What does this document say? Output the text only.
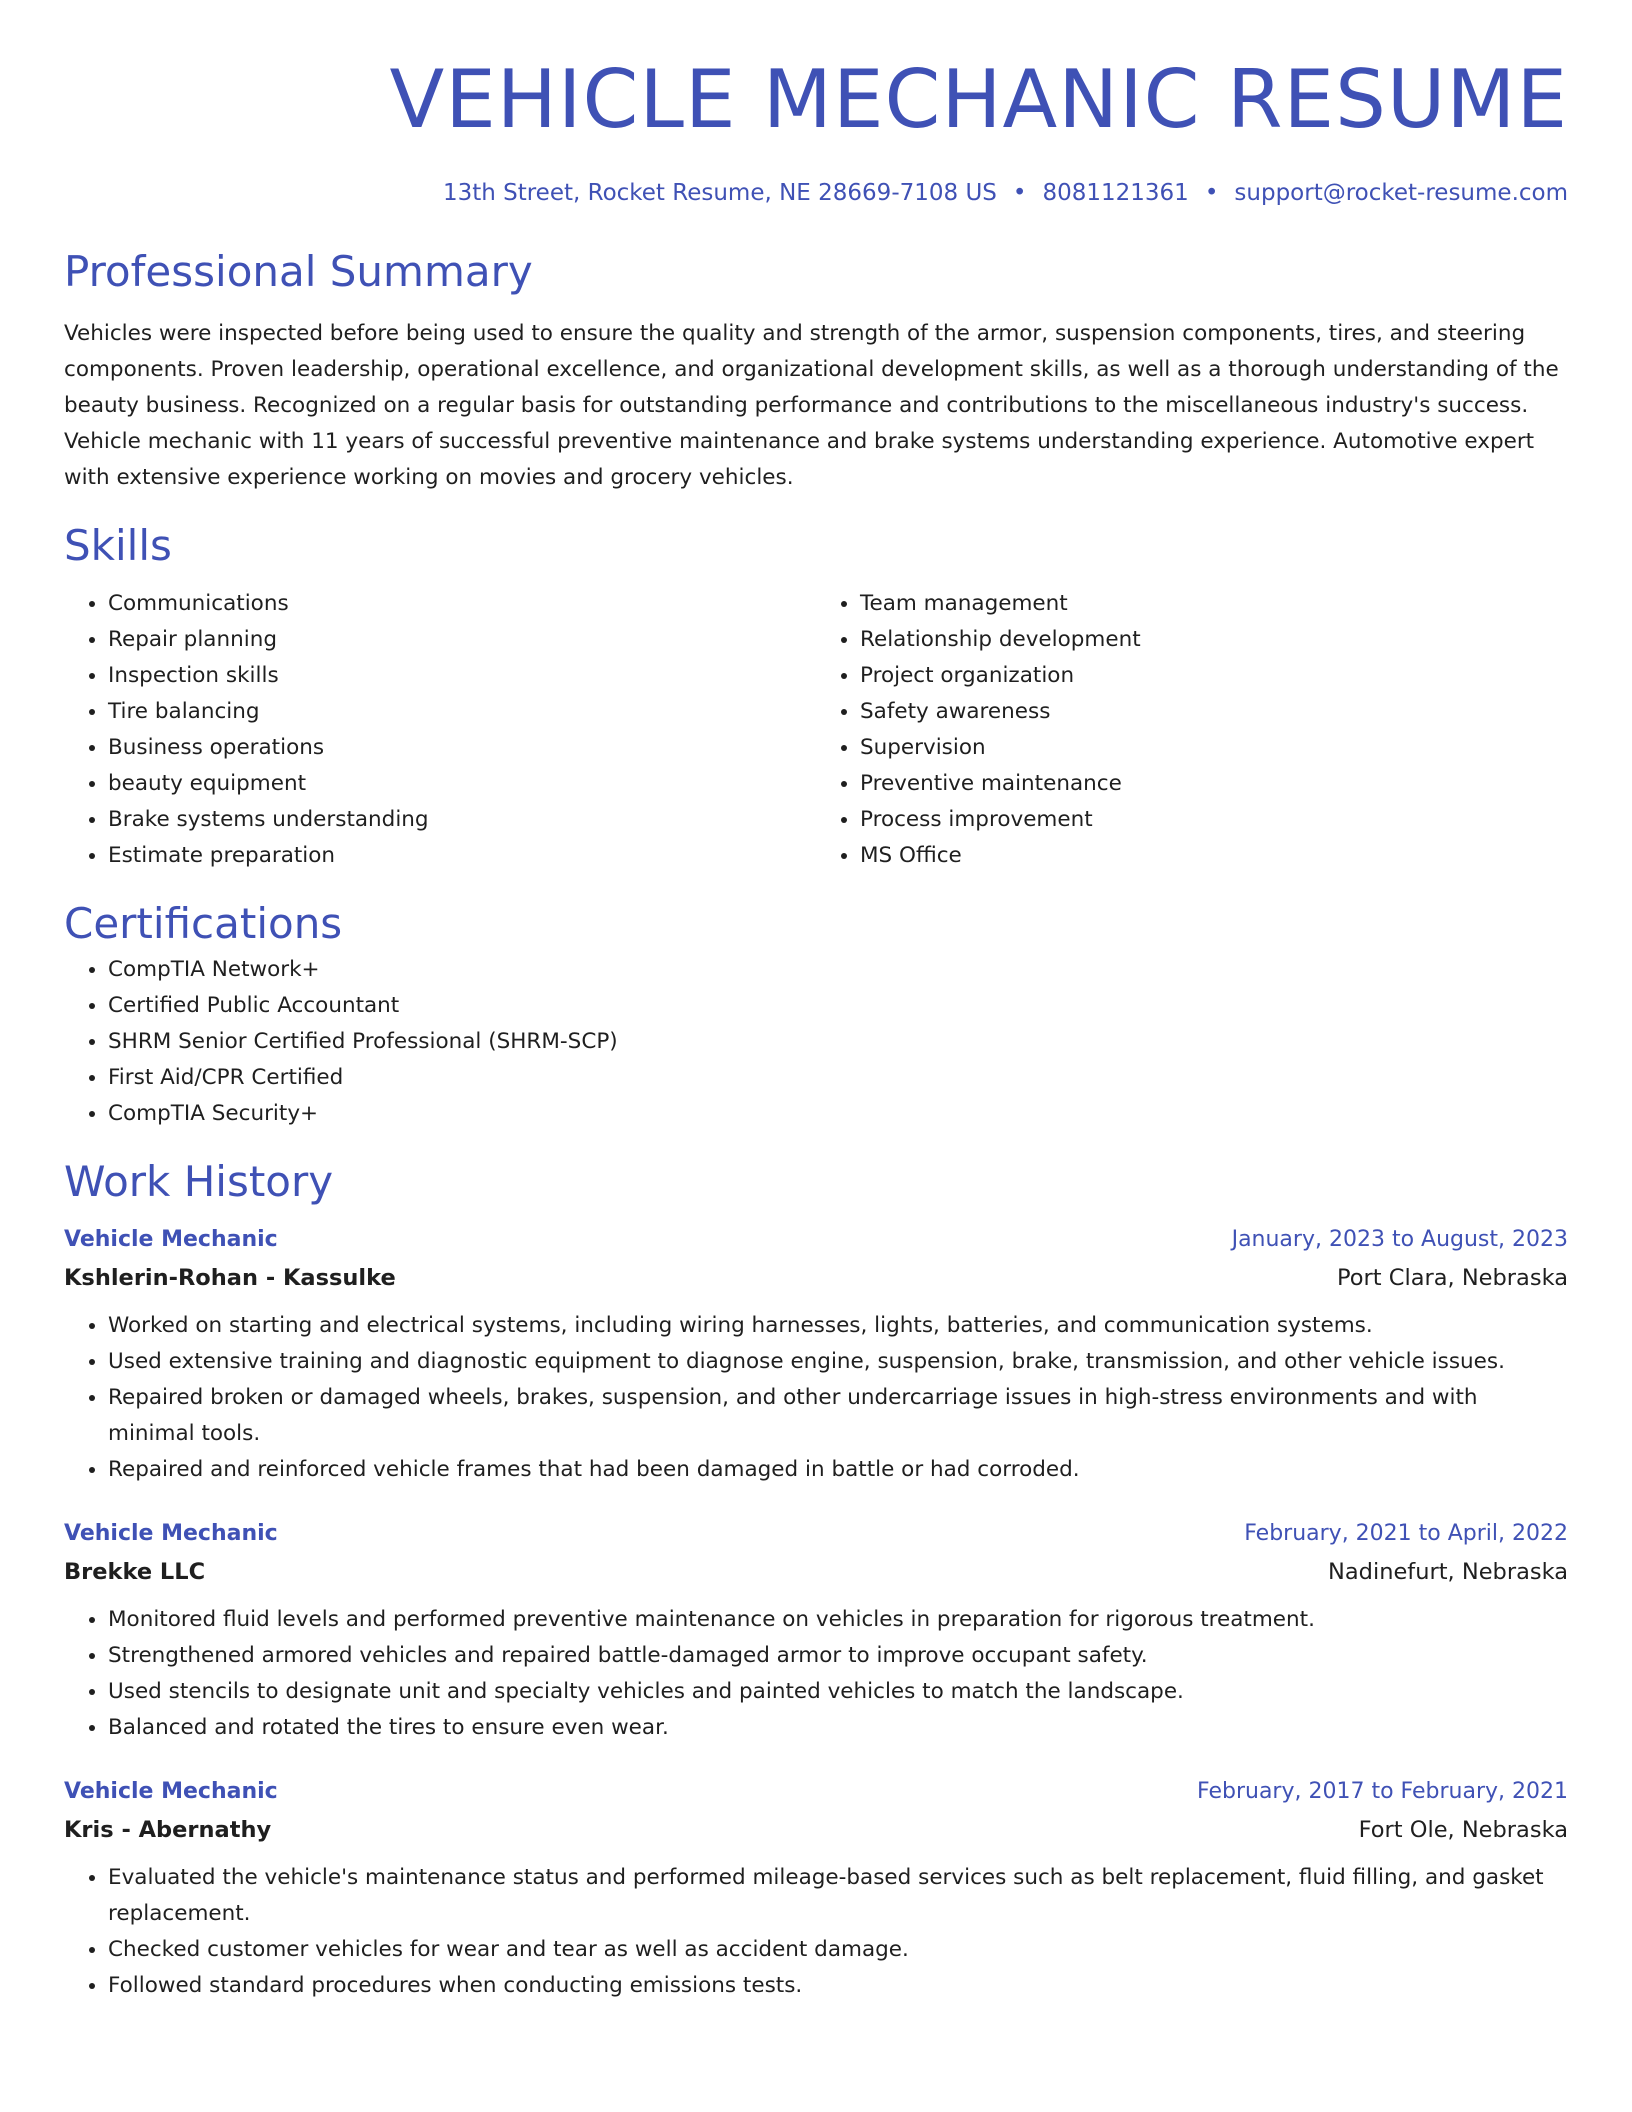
VEHICLE MECHANIC RESUME
13th Street, Rocket Resume, NE 28669-7108 US • 8081121361 • support@rocket-resume.com
Professional Summary

Vehicles were inspected before being used to ensure the quality and strength of the armor, suspension components, tires, and steering components. Proven leadership, operational excellence, and organizational development skills, as well as a thorough understanding of the beauty business. Recognized on a regular basis for outstanding performance and contributions to the miscellaneous industry's success. Vehicle mechanic with 11 years of successful preventive maintenance and brake systems understanding experience. Automotive expert with extensive experience working on movies and grocery vehicles.

Skills
• Communications
• Repair planning
• Inspection skills
• Tire balancing
• Business operations
• beauty equipment
• Brake systems understanding
• Estimate preparation
• Team management
• Relationship development
• Project organization
• Safety awareness
• Supervision
• Preventive maintenance
• Process improvement
• MS Office
Certifications
• CompTIA Network+
• Certified Public Accountant
• SHRM Senior Certified Professional (SHRM-SCP)
• First Aid/CPR Certified
• CompTIA Security+
Work History
Vehicle Mechanic	January, 2023 to August, 2023
Kshlerin-Rohan - Kassulke	Port Clara, Nebraska
• Worked on starting and electrical systems, including wiring harnesses, lights, batteries, and communication systems.
• Used extensive training and diagnostic equipment to diagnose engine, suspension, brake, transmission, and other vehicle issues.
• Repaired broken or damaged wheels, brakes, suspension, and other undercarriage issues in high-stress environments and with minimal tools.
• Repaired and reinforced vehicle frames that had been damaged in battle or had corroded.
Vehicle Mechanic	February, 2021 to April, 2022
Brekke LLC	Nadinefurt, Nebraska
• Monitored fluid levels and performed preventive maintenance on vehicles in preparation for rigorous treatment.
• Strengthened armored vehicles and repaired battle-damaged armor to improve occupant safety.
• Used stencils to designate unit and specialty vehicles and painted vehicles to match the landscape.
• Balanced and rotated the tires to ensure even wear.
Vehicle Mechanic	February, 2017 to February, 2021
Kris - Abernathy	Fort Ole, Nebraska
• Evaluated the vehicle's maintenance status and performed mileage-based services such as belt replacement, fluid filling, and gasket replacement.
• Checked customer vehicles for wear and tear as well as accident damage.
• Followed standard procedures when conducting emissions tests.
